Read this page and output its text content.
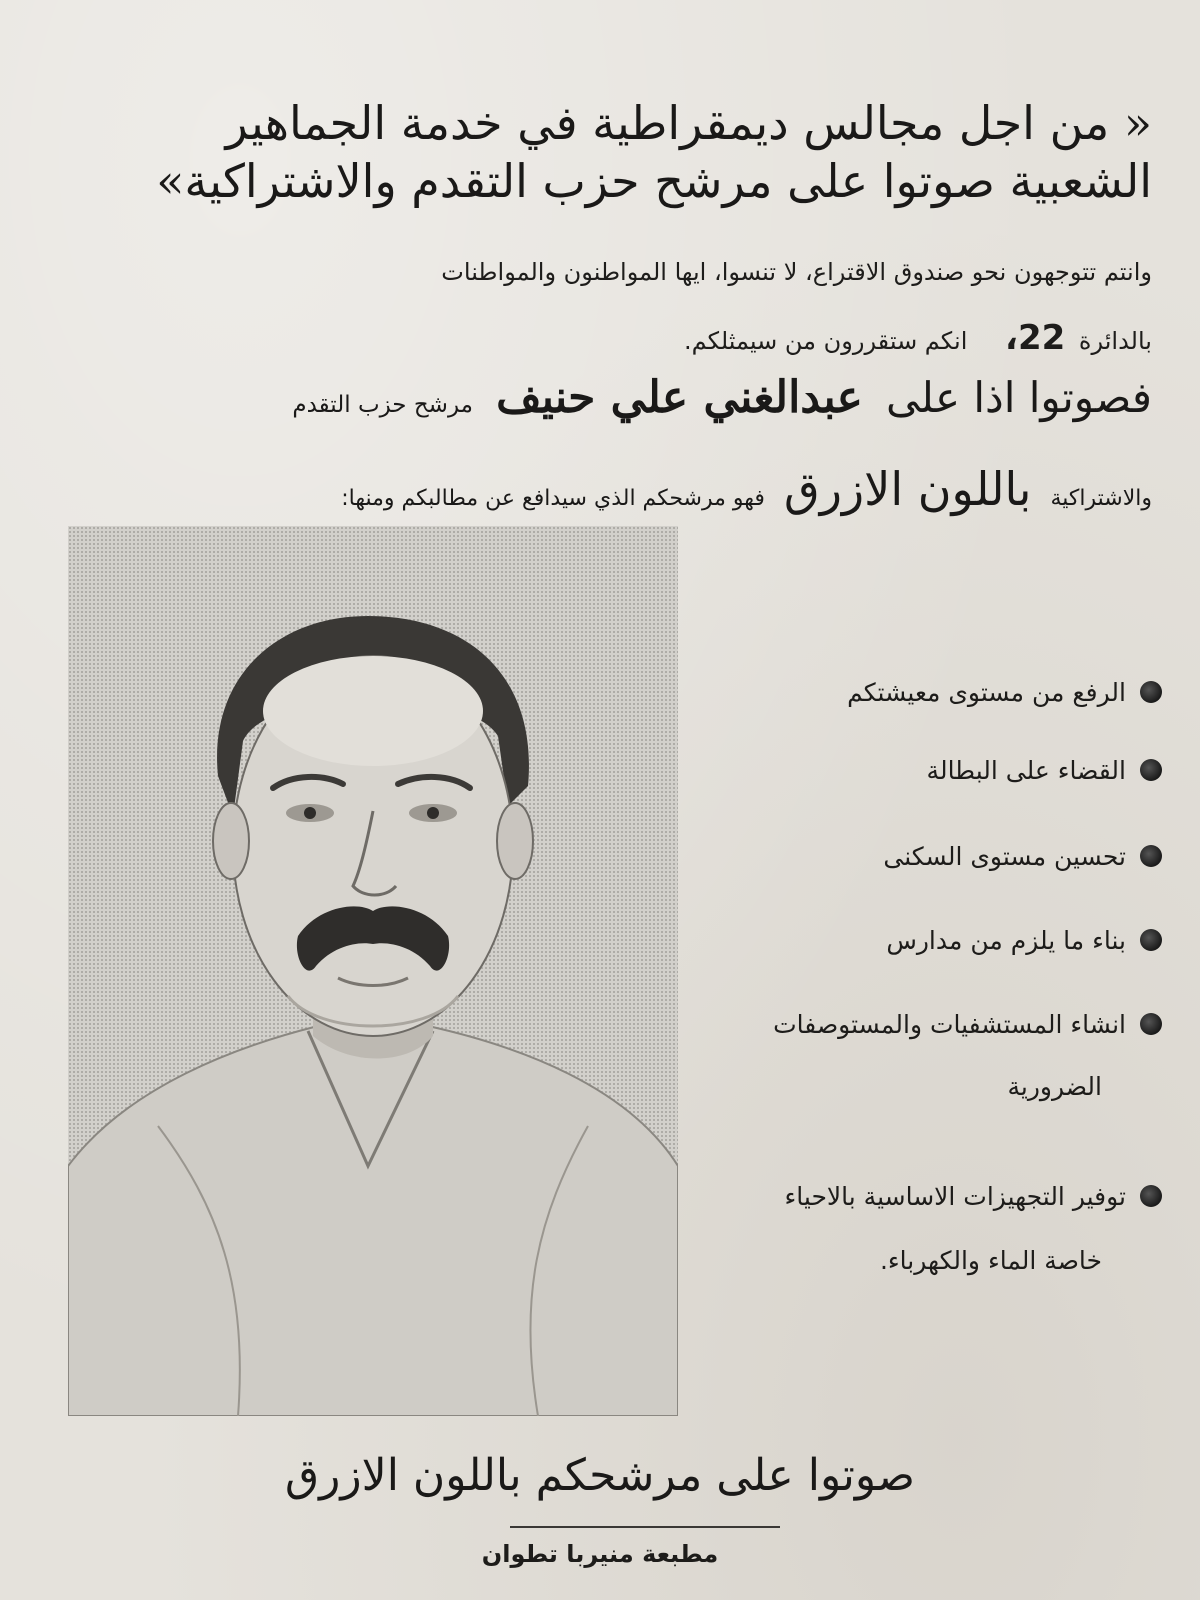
« من اجل مجالس ديمقراطية في خدمة الجماهير
الشعبية صوتوا على مرشح حزب التقدم والاشتراكية»
وانتم تتوجهون نحو صندوق الاقتراع، لا تنسوا، ايها المواطنون والمواطنات
بالدائرة 22، انكم ستقررون من سيمثلكم.
فصوتوا اذا على عبدالغني علي حنيف مرشح حزب التقدم
والاشتراكية باللون الازرق فهو مرشحكم الذي سيدافع عن مطالبكم ومنها:
الرفع من مستوى معيشتكم
القضاء على البطالة
تحسين مستوى السكنى
بناء ما يلزم من مدارس
انشاء المستشفيات والمستوصفات
الضرورية
توفير التجهيزات الاساسية بالاحياء
خاصة الماء والكهرباء.
صوتوا على مرشحكم باللون الازرق
مطبعة منيربا تطوان
